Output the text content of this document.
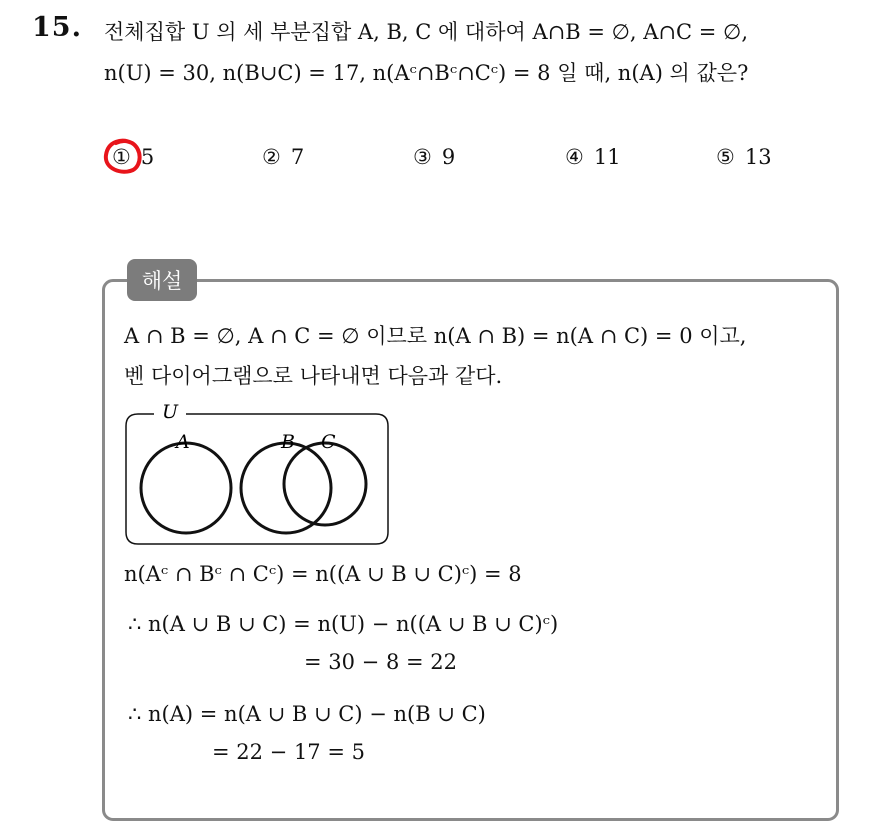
15. 전체집합 U 의 세 부분집합 A, B, C 에 대하여 A∩B = ∅, A∩C = ∅,
n(U) = 30, n(B∪C) = 17, n(Aᶜ∩Bᶜ∩Cᶜ) = 8 일 때, n(A) 의 값은?
① 5	② 7	③ 9	④ 11	⑤ 13
해설
A ∩ B = ∅, A ∩ C = ∅ 이므로 n(A ∩ B) = n(A ∩ C) = 0 이고,
벤 다이어그램으로 나타내면 다음과 같다.
U
A	B C
n(Aᶜ ∩ Bᶜ ∩ Cᶜ) = n((A ∪ B ∪ C)ᶜ) = 8
∴ n(A ∪ B ∪ C) = n(U) − n((A ∪ B ∪ C)ᶜ)
= 30 − 8 = 22
∴ n(A) = n(A ∪ B ∪ C) − n(B ∪ C)
= 22 − 17 = 5
